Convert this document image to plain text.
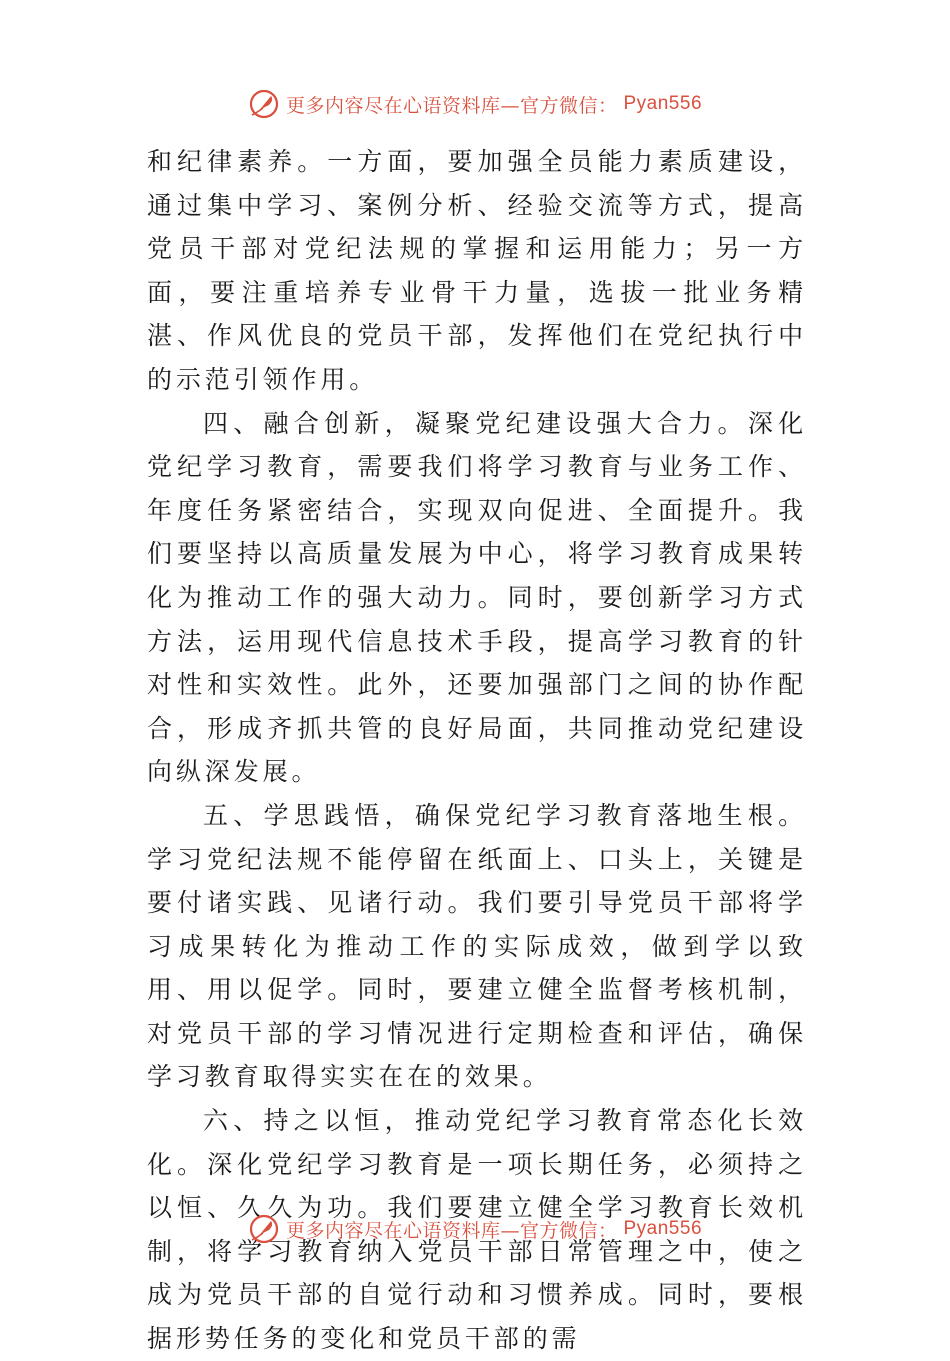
更多内容尽在心语资料库—官方微信： Pyan556

和纪律素养。一方面，要加强全员能力素质建设，通过集中学习、案例分析、经验交流等方式，提高党员干部对党纪法规的掌握和运用能力；另一方面，要注重培养专业骨干力量，选拔一批业务精湛、作风优良的党员干部，发挥他们在党纪执行中的示范引领作用。

四、融合创新，凝聚党纪建设强大合力。深化党纪学习教育，需要我们将学习教育与业务工作、年度任务紧密结合，实现双向促进、全面提升。我们要坚持以高质量发展为中心，将学习教育成果转化为推动工作的强大动力。同时，要创新学习方式方法，运用现代信息技术手段，提高学习教育的针对性和实效性。此外，还要加强部门之间的协作配合，形成齐抓共管的良好局面，共同推动党纪建设向纵深发展。

五、学思践悟，确保党纪学习教育落地生根。学习党纪法规不能停留在纸面上、口头上，关键是要付诸实践、见诸行动。我们要引导党员干部将学习成果转化为推动工作的实际成效，做到学以致用、用以促学。同时，要建立健全监督考核机制，对党员干部的学习情况进行定期检查和评估，确保学习教育取得实实在在的效果。

六、持之以恒，推动党纪学习教育常态化长效化。深化党纪学习教育是一项长期任务，必须持之以恒、久久为功。我们要建立健全学习教育长效机制，将学习教育纳入党员干部日常管理之中，使之成为党员干部的自觉行动和习惯养成。同时，要根据形势任务的变化和党员干部的需

更多内容尽在心语资料库—官方微信： Pyan556
